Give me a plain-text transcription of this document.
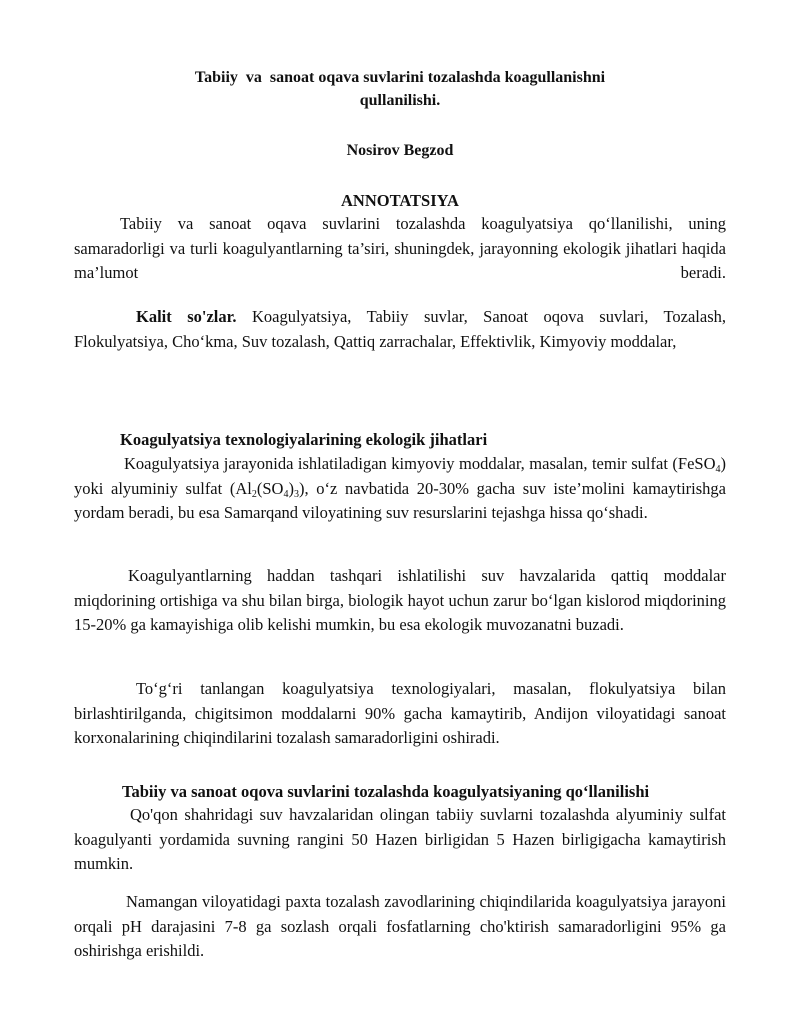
Tabiiy  va  sanoat oqava suvlarini tozalashda koagullanishni
qullanilishi.
Nosirov Begzod
ANNOTATSIYA

Tabiiy va sanoat oqava suvlarini tozalashda koagulyatsiya qo‘llanilishi, uning samaradorligi va turli koagulyantlarning ta’siri, shuningdek, jarayonning ekologik jihatlari haqida ma’lumot beradi.

Kalit so'zlar. Koagulyatsiya, Tabiiy suvlar, Sanoat oqova suvlari, Tozalash, Flokulyatsiya, Cho‘kma, Suv tozalash, Qattiq zarrachalar, Effektivlik, Kimyoviy moddalar,

Koagulyatsiya texnologiyalarining ekologik jihatlari

Koagulyatsiya jarayonida ishlatiladigan kimyoviy moddalar, masalan, temir sulfat (FeSO$_4$) yoki alyuminiy sulfat $(Al_2(SO_4)_3)$, o‘z navbatida 20-30% gacha suv iste’molini kamaytirishga yordam beradi, bu esa Samarqand viloyatining suv resurslarini tejashga hissa qo‘shadi.

Koagulyantlarning haddan tashqari ishlatilishi suv havzalarida qattiq moddalar miqdorining ortishiga va shu bilan birga, biologik hayot uchun zarur bo‘lgan kislorod miqdorining 15-20% ga kamayishiga olib kelishi mumkin, bu esa ekologik muvozanatni buzadi.

To‘g‘ri tanlangan koagulyatsiya texnologiyalari, masalan, flokulyatsiya bilan birlashtirilganda, chigitsimon moddalarni 90% gacha kamaytirib, Andijon viloyatidagi sanoat korxonalarining chiqindilarini tozalash samaradorligini oshiradi.

Tabiiy va sanoat oqova suvlarini tozalashda koagulyatsiyaning qo‘llanilishi

Qo'qon shahridagi suv havzalaridan olingan tabiiy suvlarni tozalashda alyuminiy sulfat koagulyanti yordamida suvning rangini 50 Hazen birligidan 5 Hazen birligigacha kamaytirish mumkin.

Namangan viloyatidagi paxta tozalash zavodlarining chiqindilarida koagulyatsiya jarayoni orqali pH darajasini 7-8 ga sozlash orqali fosfatlarning cho'ktirish samaradorligini 95% ga oshirishga erishildi.
